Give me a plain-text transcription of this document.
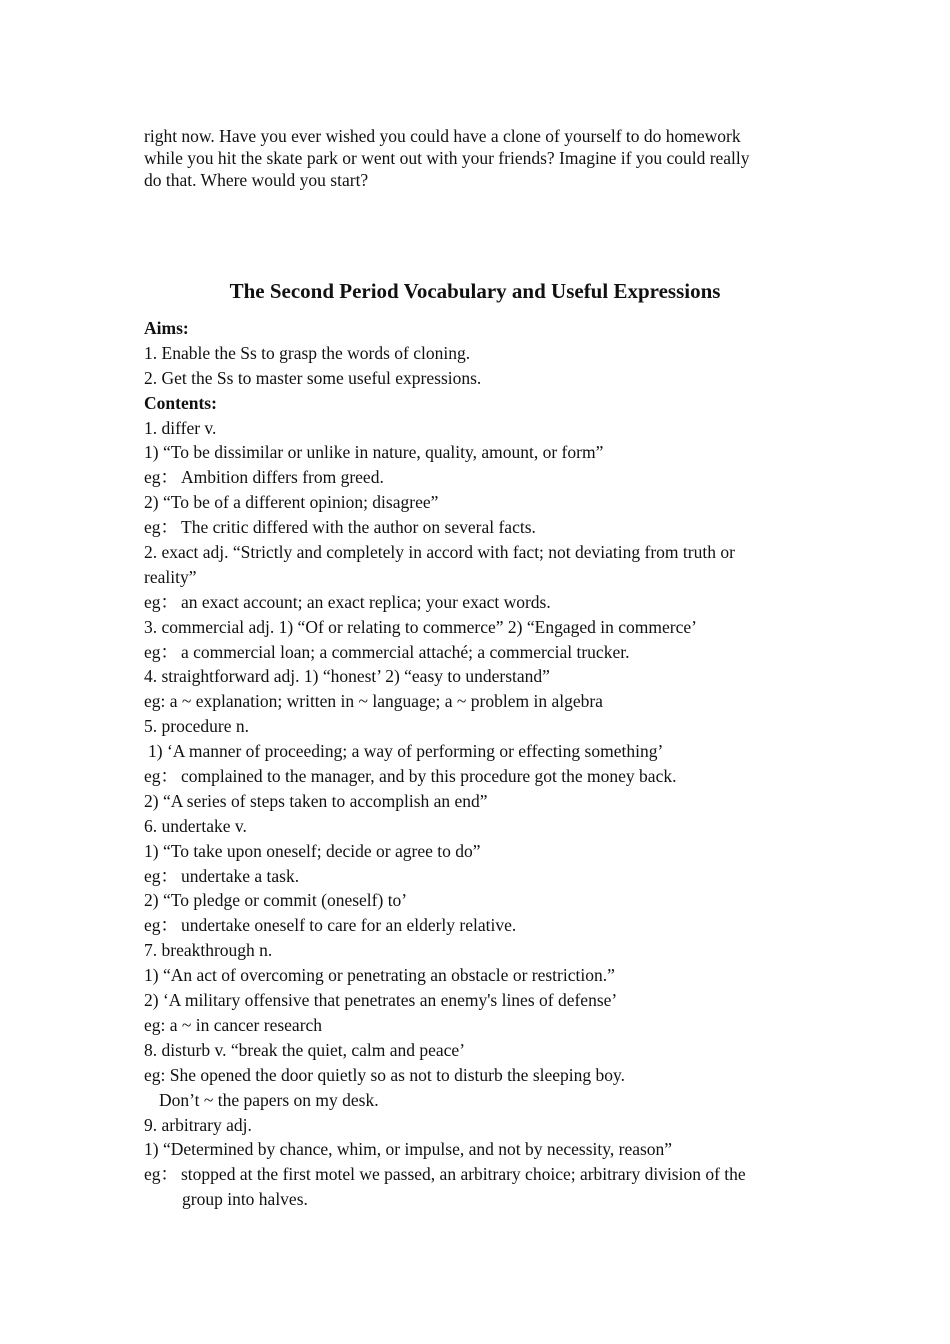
right now. Have you ever wished you could have a clone of yourself to do homework
while you hit the skate park or went out with your friends? Imagine if you could really
do that. Where would you start?
The Second Period Vocabulary and Useful Expressions
Aims:
1. Enable the Ss to grasp the words of cloning.
2. Get the Ss to master some useful expressions.
Contents:
1. differ v.
1) “To be dissimilar or unlike in nature, quality, amount, or form”
eg： Ambition differs from greed.
2) “To be of a different opinion; disagree”
eg： The critic differed with the author on several facts.
2. exact adj. “Strictly and completely in accord with fact; not deviating from truth or
reality”
eg： an exact account; an exact replica; your exact words.
3. commercial adj. 1) “Of or relating to commerce” 2) “Engaged in commerce’
eg： a commercial loan; a commercial attaché; a commercial trucker.
4. straightforward adj. 1) “honest’ 2) “easy to understand”
eg: a ~ explanation; written in ~ language; a ~ problem in algebra
5. procedure n.
1) ‘A manner of proceeding; a way of performing or effecting something’
eg： complained to the manager, and by this procedure got the money back.
2) “A series of steps taken to accomplish an end”
6. undertake v.
1) “To take upon oneself; decide or agree to do”
eg： undertake a task.
2) “To pledge or commit (oneself) to’
eg： undertake oneself to care for an elderly relative.
7. breakthrough n.
1) “An act of overcoming or penetrating an obstacle or restriction.”
2) ‘A military offensive that penetrates an enemy's lines of defense’
eg: a ~ in cancer research
8. disturb v. “break the quiet, calm and peace’
eg: She opened the door quietly so as not to disturb the sleeping boy.
Don’t ~ the papers on my desk.
9. arbitrary adj.
1) “Determined by chance, whim, or impulse, and not by necessity, reason”
eg： stopped at the first motel we passed, an arbitrary choice; arbitrary division of the
group into halves.
